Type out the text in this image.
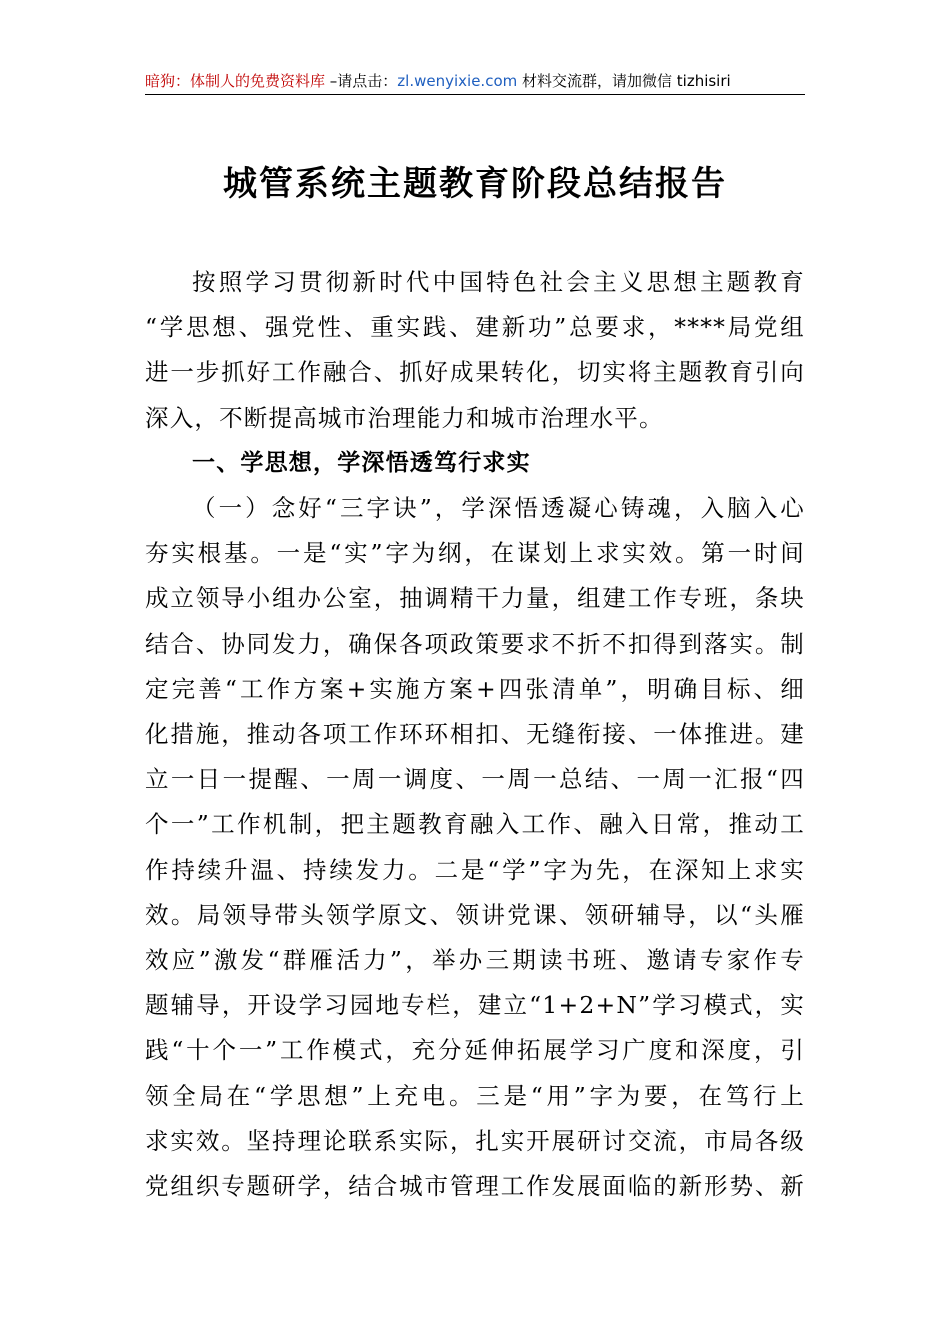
暗狗：体制人的免费资料库 –请点击：zl.wenyixie.com 材料交流群，请加微信 tizhisiri
城管系统主题教育阶段总结报告
按照学习贯彻新时代中国特色社会主义思想主题教育
“学思想、强党性、重实践、建新功”总要求，****局党组
进一步抓好工作融合、抓好成果转化，切实将主题教育引向
深入，不断提高城市治理能力和城市治理水平。
一、学思想，学深悟透笃行求实
（一）念好“三字诀”，学深悟透凝心铸魂，入脑入心
夯实根基。一是“实”字为纲，在谋划上求实效。第一时间
成立领导小组办公室，抽调精干力量，组建工作专班，条块
结合、协同发力，确保各项政策要求不折不扣得到落实。制
定完善“工作方案+实施方案+四张清单”，明确目标、细
化措施，推动各项工作环环相扣、无缝衔接、一体推进。建
立一日一提醒、一周一调度、一周一总结、一周一汇报“四
个一”工作机制，把主题教育融入工作、融入日常，推动工
作持续升温、持续发力。二是“学”字为先，在深知上求实
效。局领导带头领学原文、领讲党课、领研辅导，以“头雁
效应”激发“群雁活力”，举办三期读书班、邀请专家作专
题辅导，开设学习园地专栏，建立“1+2+N”学习模式，实
践“十个一”工作模式，充分延伸拓展学习广度和深度，引
领全局在“学思想”上充电。三是“用”字为要，在笃行上
求实效。坚持理论联系实际，扎实开展研讨交流，市局各级
党组织专题研学，结合城市管理工作发展面临的新形势、新
